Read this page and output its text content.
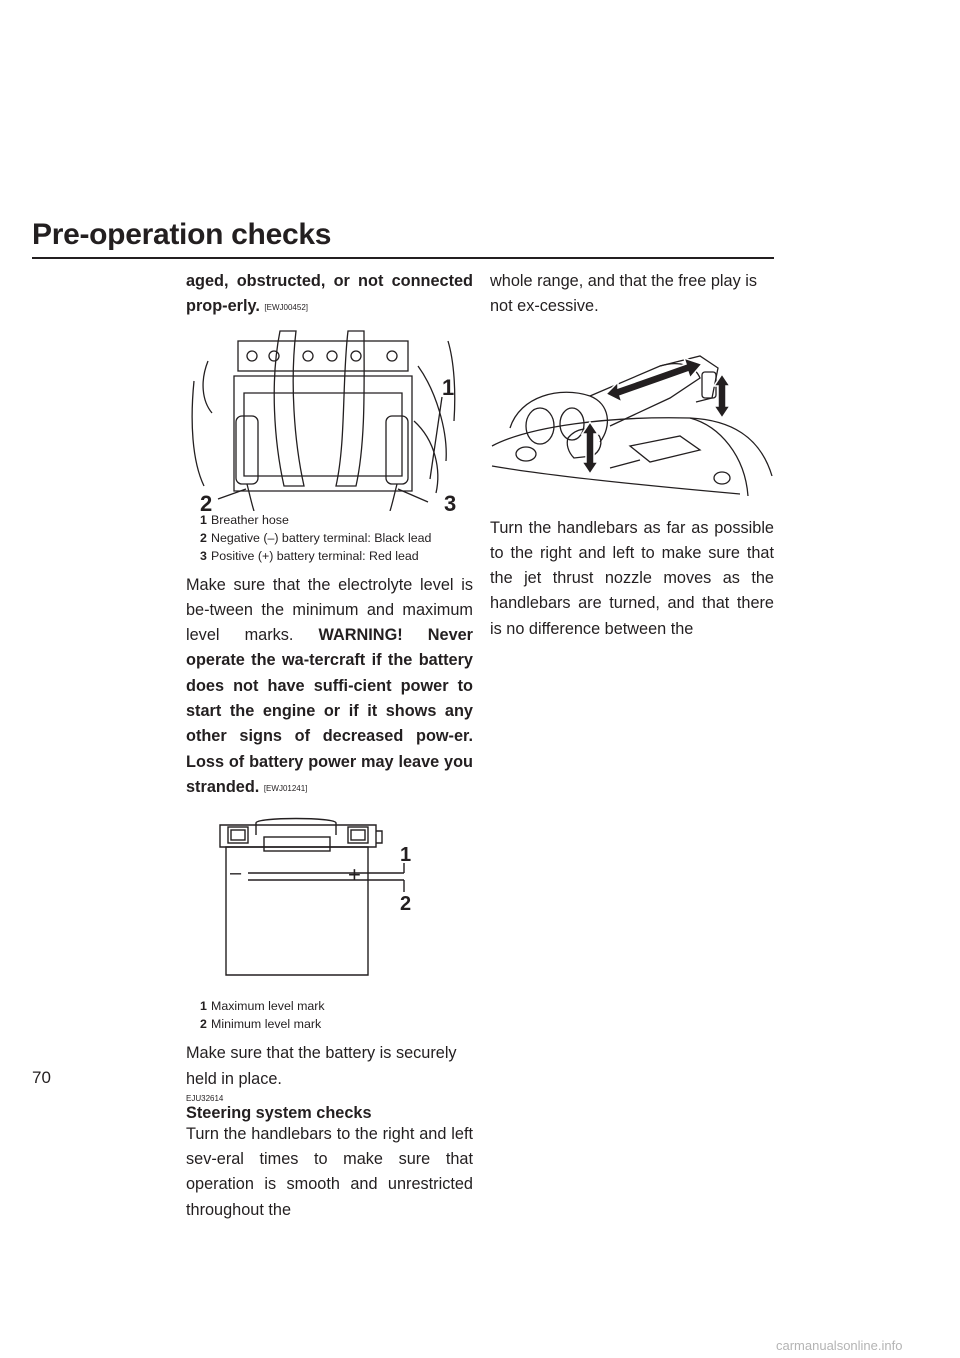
Pre-operation checks

aged, obstructed, or not connected prop-erly. [EWJ00452]

1
2	3
1 Breather hose
2 Negative (–) battery terminal: Black lead
3 Positive (+) battery terminal: Red lead

Make sure that the electrolyte level is be-tween the minimum and maximum level marks. WARNING! Never operate the wa-tercraft if the battery does not have suffi-cient power to start the engine or if it shows any other signs of decreased pow-er. Loss of battery power may leave you stranded. [EWJ01241]

–	+
1
2
1 Maximum level mark
2 Minimum level mark

Make sure that the battery is securely held in place.

EJU32614
Steering system checks

Turn the handlebars to the right and left sev-eral times to make sure that operation is smooth and unrestricted throughout the

whole range, and that the free play is not ex-cessive.

Turn the handlebars as far as possible to the right and left to make sure that the jet thrust nozzle moves as the handlebars are turned, and that there is no difference between the

70
carmanualsonline.info
